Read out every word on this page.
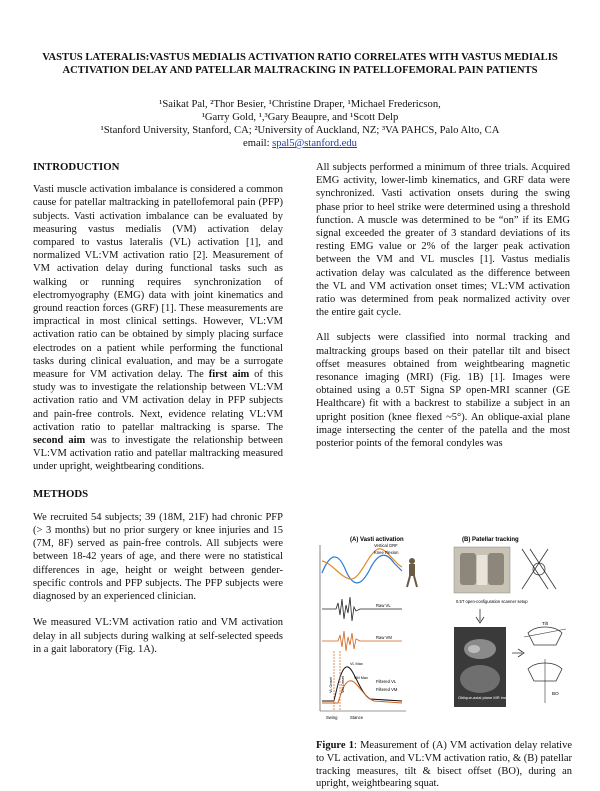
VASTUS LATERALIS:VASTUS MEDIALIS ACTIVATION RATIO CORRELATES WITH VASTUS MEDIALIS ACTIVATION DELAY AND PATELLAR MALTRACKING IN PATELLOFEMORAL PAIN PATIENTS
¹Saikat Pal, ²Thor Besier, ¹Christine Draper, ¹Michael Fredericson,
¹Garry Gold, ¹,³Gary Beaupre, and ¹Scott Delp
¹Stanford University, Stanford, CA; ²University of Auckland, NZ; ³VA PAHCS, Palo Alto, CA
email: spal5@stanford.edu
INTRODUCTION

Vasti muscle activation imbalance is considered a common cause for patellar maltracking in patellofemoral pain (PFP) subjects. Vasti activation imbalance can be evaluated by measuring vastus medialis (VM) activation delay compared to vastus lateralis (VL) activation [1], and normalized VL:VM activation ratio [2]. Measurement of VM activation delay during functional tasks such as walking or running requires synchronization of electromyography (EMG) data with joint kinematics and ground reaction forces (GRF) [1]. These measurements are impractical in most clinical settings. However, VL:VM activation ratio can be obtained by simply placing surface electrodes on a patient while performing the functional tasks during clinical evaluation, and may be a surrogate measure for VM activation delay. The first aim of this study was to investigate the relationship between VL:VM activation ratio and VM activation delay in PFP subjects and pain-free controls. Next, evidence relating VL:VM activation ratio to patellar maltracking is sparse. The second aim was to investigate the relationship between VL:VM activation ratio and patellar maltracking measured under upright, weightbearing conditions.

METHODS

We recruited 54 subjects; 39 (18M, 21F) had chronic PFP (> 3 months) but no prior surgery or knee injuries and 15 (7M, 8F) served as pain-free controls. All subjects were between 18-42 years of age, and there were no statistical differences in age, height or weight between gender-specific controls and PFP subjects. The PFP subjects were diagnosed by an experienced clinician.

We measured VL:VM activation ratio and VM activation delay in all subjects during walking at self-selected speeds in a gait laboratory (Fig. 1A).

All subjects performed a minimum of three trials. Acquired EMG activity, lower-limb kinematics, and GRF data were synchronized. Vasti activation onsets during the swing phase prior to heel strike were determined using a threshold function. A muscle was determined to be “on” if its EMG signal exceeded the greater of 3 standard deviations of its resting EMG value or 2% of the larger peak activation between the VM and VL muscles [1]. Vastus medialis activation delay was calculated as the difference between the VL and VM activation onset times; VL:VM activation ratio was determined from peak normalized activity over the entire gait cycle.

All subjects were classified into normal tracking and maltracking groups based on their patellar tilt and bisect offset measures obtained from weightbearing magnetic resonance imaging (MRI) (Fig. 1B) [1]. Images were obtained using a 0.5T Signa SP open-MRI scanner (GE Healthcare) fit with a backrest to stabilize a subject in an upright position (knee flexed ~5°). An oblique-axial plane image intersecting the center of the patella and the most posterior points of the femoral condyles was

(A) Vasti activation
Vertical GRF
Knee Flexion
Raw VL
Raw VM
Filtered VL
Filtered VM
VL Onset VM Onset
VL Max
VM Max
Swing	Stance
(B) Patellar tracking
0.5T open-configuration scanner setup
Oblique-axial plane MR image
Tilt
BO
Figure 1: Measurement of (A) VM activation delay relative to VL activation, and VL:VM activation ratio, & (B) patellar tracking measures, tilt & bisect offset (BO), during an upright, weightbearing squat.
